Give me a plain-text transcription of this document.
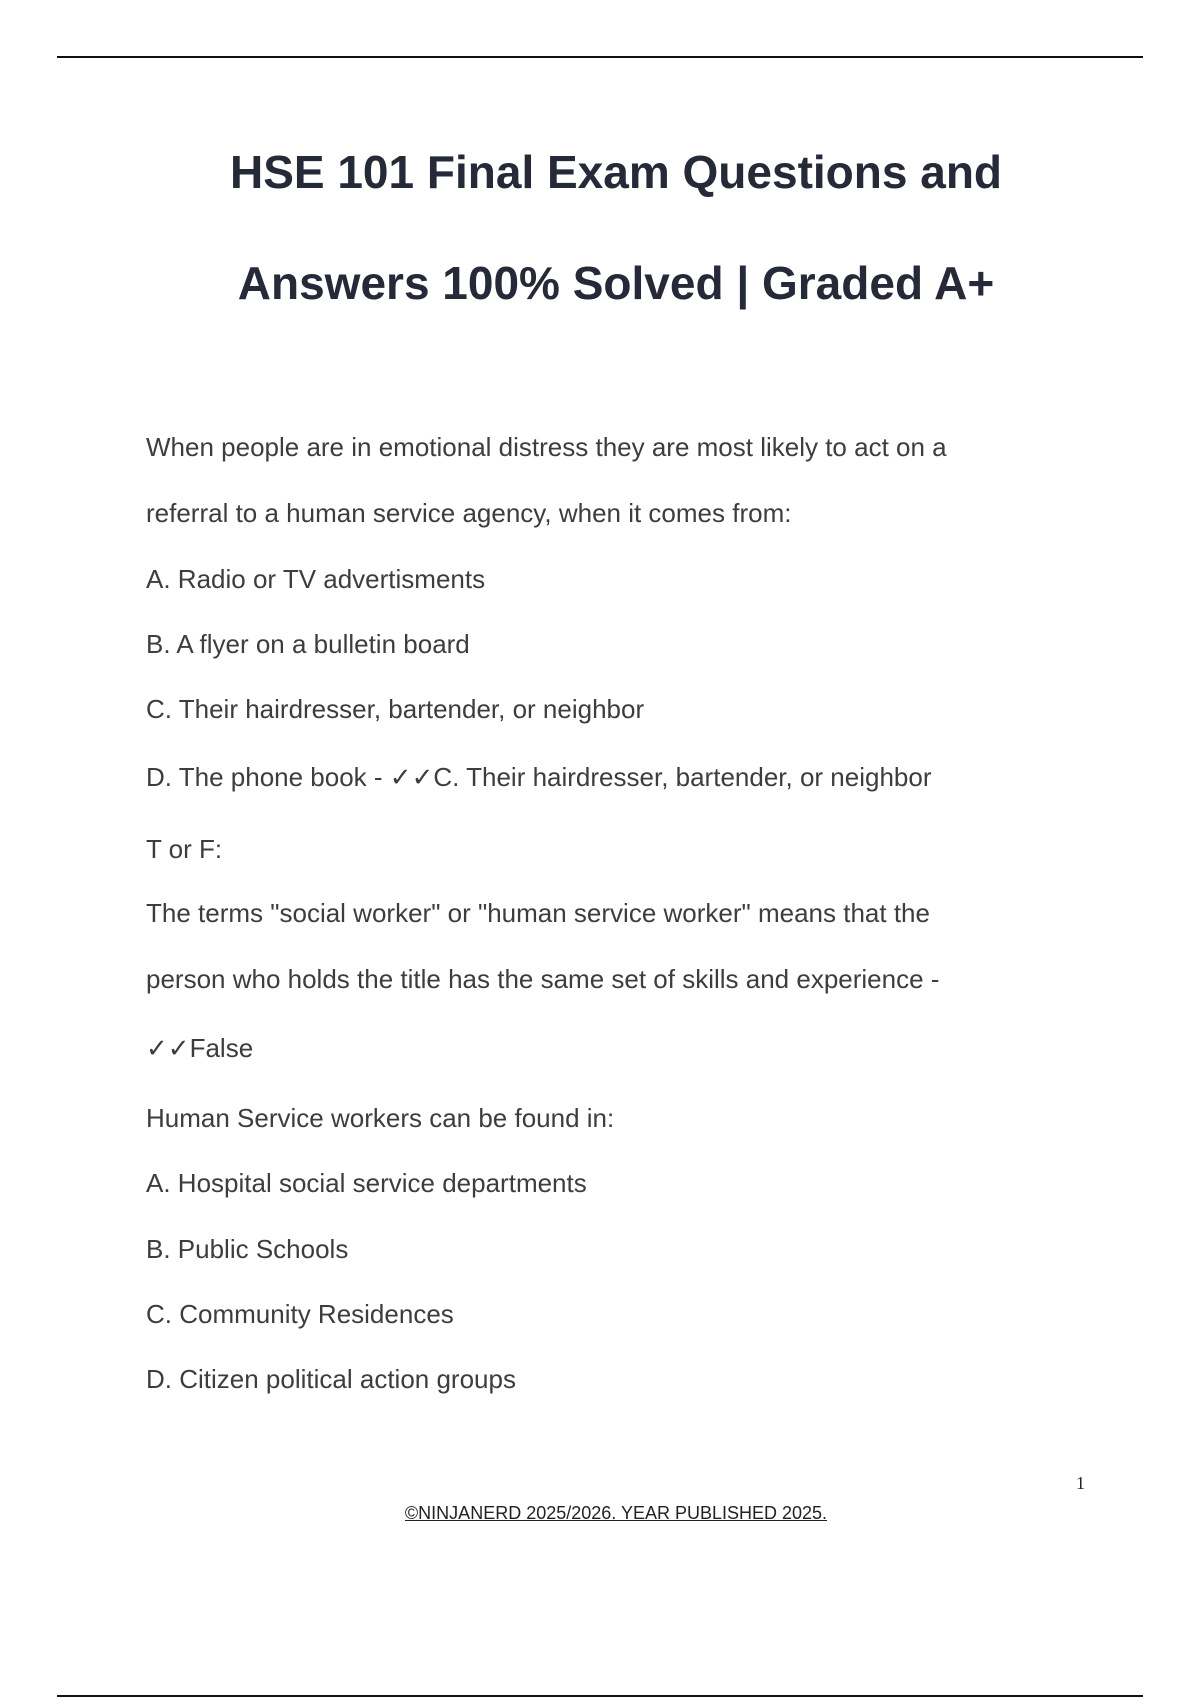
HSE 101 Final Exam Questions and
Answers 100% Solved | Graded A+

When people are in emotional distress they are most likely to act on a

referral to a human service agency, when it comes from:

A. Radio or TV advertisments

B. A flyer on a bulletin board

C. Their hairdresser, bartender, or neighbor

D. The phone book - ✓✓C. Their hairdresser, bartender, or neighbor

T or F:

The terms "social worker" or "human service worker" means that the

person who holds the title has the same set of skills and experience -

✓✓False

Human Service workers can be found in:

A. Hospital social service departments

B. Public Schools

C. Community Residences

D. Citizen political action groups

1
©NINJANERD 2025/2026. YEAR PUBLISHED 2025.
